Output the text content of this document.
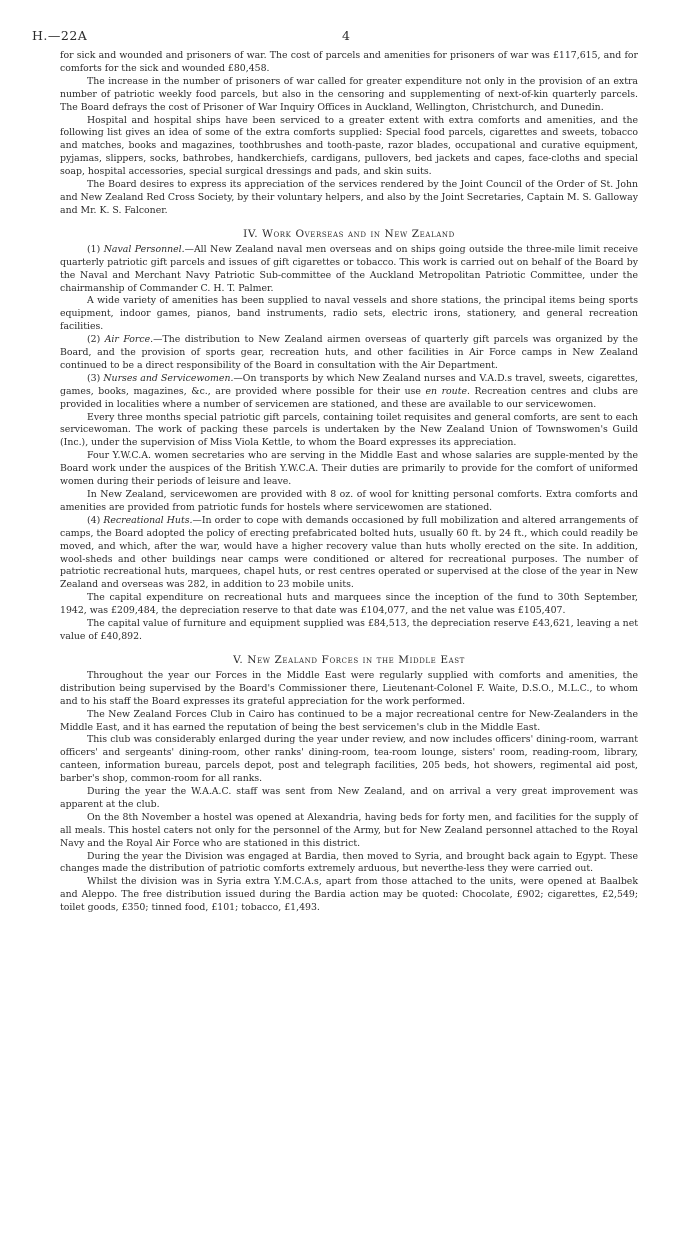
H.—22A	4

for sick and wounded and prisoners of war. The cost of parcels and amenities for prisoners of war was £117,615, and for comforts for the sick and wounded £80,458.

The increase in the number of prisoners of war called for greater expenditure not only in the provision of an extra number of patriotic weekly food parcels, but also in the censoring and supplementing of next-of-kin quarterly parcels. The Board defrays the cost of Prisoner of War Inquiry Offices in Auckland, Wellington, Christchurch, and Dunedin.

Hospital and hospital ships have been serviced to a greater extent with extra comforts and amenities, and the following list gives an idea of some of the extra comforts supplied: Special food parcels, cigarettes and sweets, tobacco and matches, books and magazines, toothbrushes and tooth-paste, razor blades, occupational and curative equipment, pyjamas, slippers, socks, bathrobes, handkerchiefs, cardigans, pullovers, bed jackets and capes, face-cloths and special soap, hospital accessories, special surgical dressings and pads, and skin suits.

The Board desires to express its appreciation of the services rendered by the Joint Council of the Order of St. John and New Zealand Red Cross Society, by their voluntary helpers, and also by the Joint Secretaries, Captain M. S. Galloway and Mr. K. S. Falconer.

IV. Work Overseas and in New Zealand

(1) Naval Personnel.—All New Zealand naval men overseas and on ships going outside the three-mile limit receive quarterly patriotic gift parcels and issues of gift cigarettes or tobacco. This work is carried out on behalf of the Board by the Naval and Merchant Navy Patriotic Sub-committee of the Auckland Metropolitan Patriotic Committee, under the chairmanship of Commander C. H. T. Palmer.

A wide variety of amenities has been supplied to naval vessels and shore stations, the principal items being sports equipment, indoor games, pianos, band instruments, radio sets, electric irons, stationery, and general recreation facilities.

(2) Air Force.—The distribution to New Zealand airmen overseas of quarterly gift parcels was organized by the Board, and the provision of sports gear, recreation huts, and other facilities in Air Force camps in New Zealand continued to be a direct responsibility of the Board in consultation with the Air Department.

(3) Nurses and Servicewomen.—On transports by which New Zealand nurses and V.A.D.s travel, sweets, cigarettes, games, books, magazines, &c., are provided where possible for their use en route. Recreation centres and clubs are provided in localities where a number of servicemen are stationed, and these are available to our servicewomen.

Every three months special patriotic gift parcels, containing toilet requisites and general comforts, are sent to each servicewoman. The work of packing these parcels is undertaken by the New Zealand Union of Townswomen's Guild (Inc.), under the supervision of Miss Viola Kettle, to whom the Board expresses its appreciation.

Four Y.W.C.A. women secretaries who are serving in the Middle East and whose salaries are supple-mented by the Board work under the auspices of the British Y.W.C.A. Their duties are primarily to provide for the comfort of uniformed women during their periods of leisure and leave.

In New Zealand, servicewomen are provided with 8 oz. of wool for knitting personal comforts. Extra comforts and amenities are provided from patriotic funds for hostels where servicewomen are stationed.

(4) Recreational Huts.—In order to cope with demands occasioned by full mobilization and altered arrangements of camps, the Board adopted the policy of erecting prefabricated bolted huts, usually 60 ft. by 24 ft., which could readily be moved, and which, after the war, would have a higher recovery value than huts wholly erected on the site. In addition, wool-sheds and other buildings near camps were conditioned or altered for recreational purposes. The number of patriotic recreational huts, marquees, chapel huts, or rest centres operated or supervised at the close of the year in New Zealand and overseas was 282, in addition to 23 mobile units.

The capital expenditure on recreational huts and marquees since the inception of the fund to 30th September, 1942, was £209,484, the depreciation reserve to that date was £104,077, and the net value was £105,407.

The capital value of furniture and equipment supplied was £84,513, the depreciation reserve £43,621, leaving a net value of £40,892.

V. New Zealand Forces in the Middle East

Throughout the year our Forces in the Middle East were regularly supplied with comforts and amenities, the distribution being supervised by the Board's Commissioner there, Lieutenant-Colonel F. Waite, D.S.O., M.L.C., to whom and to his staff the Board expresses its grateful appreciation for the work performed.

The New Zealand Forces Club in Cairo has continued to be a major recreational centre for New-Zealanders in the Middle East, and it has earned the reputation of being the best servicemen's club in the Middle East.

This club was considerably enlarged during the year under review, and now includes officers' dining-room, warrant officers' and sergeants' dining-room, other ranks' dining-room, tea-room lounge, sisters' room, reading-room, library, canteen, information bureau, parcels depot, post and telegraph facilities, 205 beds, hot showers, regimental aid post, barber's shop, common-room for all ranks.

During the year the W.A.A.C. staff was sent from New Zealand, and on arrival a very great improvement was apparent at the club.

On the 8th November a hostel was opened at Alexandria, having beds for forty men, and facilities for the supply of all meals. This hostel caters not only for the personnel of the Army, but for New Zealand personnel attached to the Royal Navy and the Royal Air Force who are stationed in this district.

During the year the Division was engaged at Bardia, then moved to Syria, and brought back again to Egypt. These changes made the distribution of patriotic comforts extremely arduous, but neverthe-less they were carried out.

Whilst the division was in Syria extra Y.M.C.A.s, apart from those attached to the units, were opened at Baalbek and Aleppo. The free distribution issued during the Bardia action may be quoted: Chocolate, £902; cigarettes, £2,549; toilet goods, £350; tinned food, £101; tobacco, £1,493.
